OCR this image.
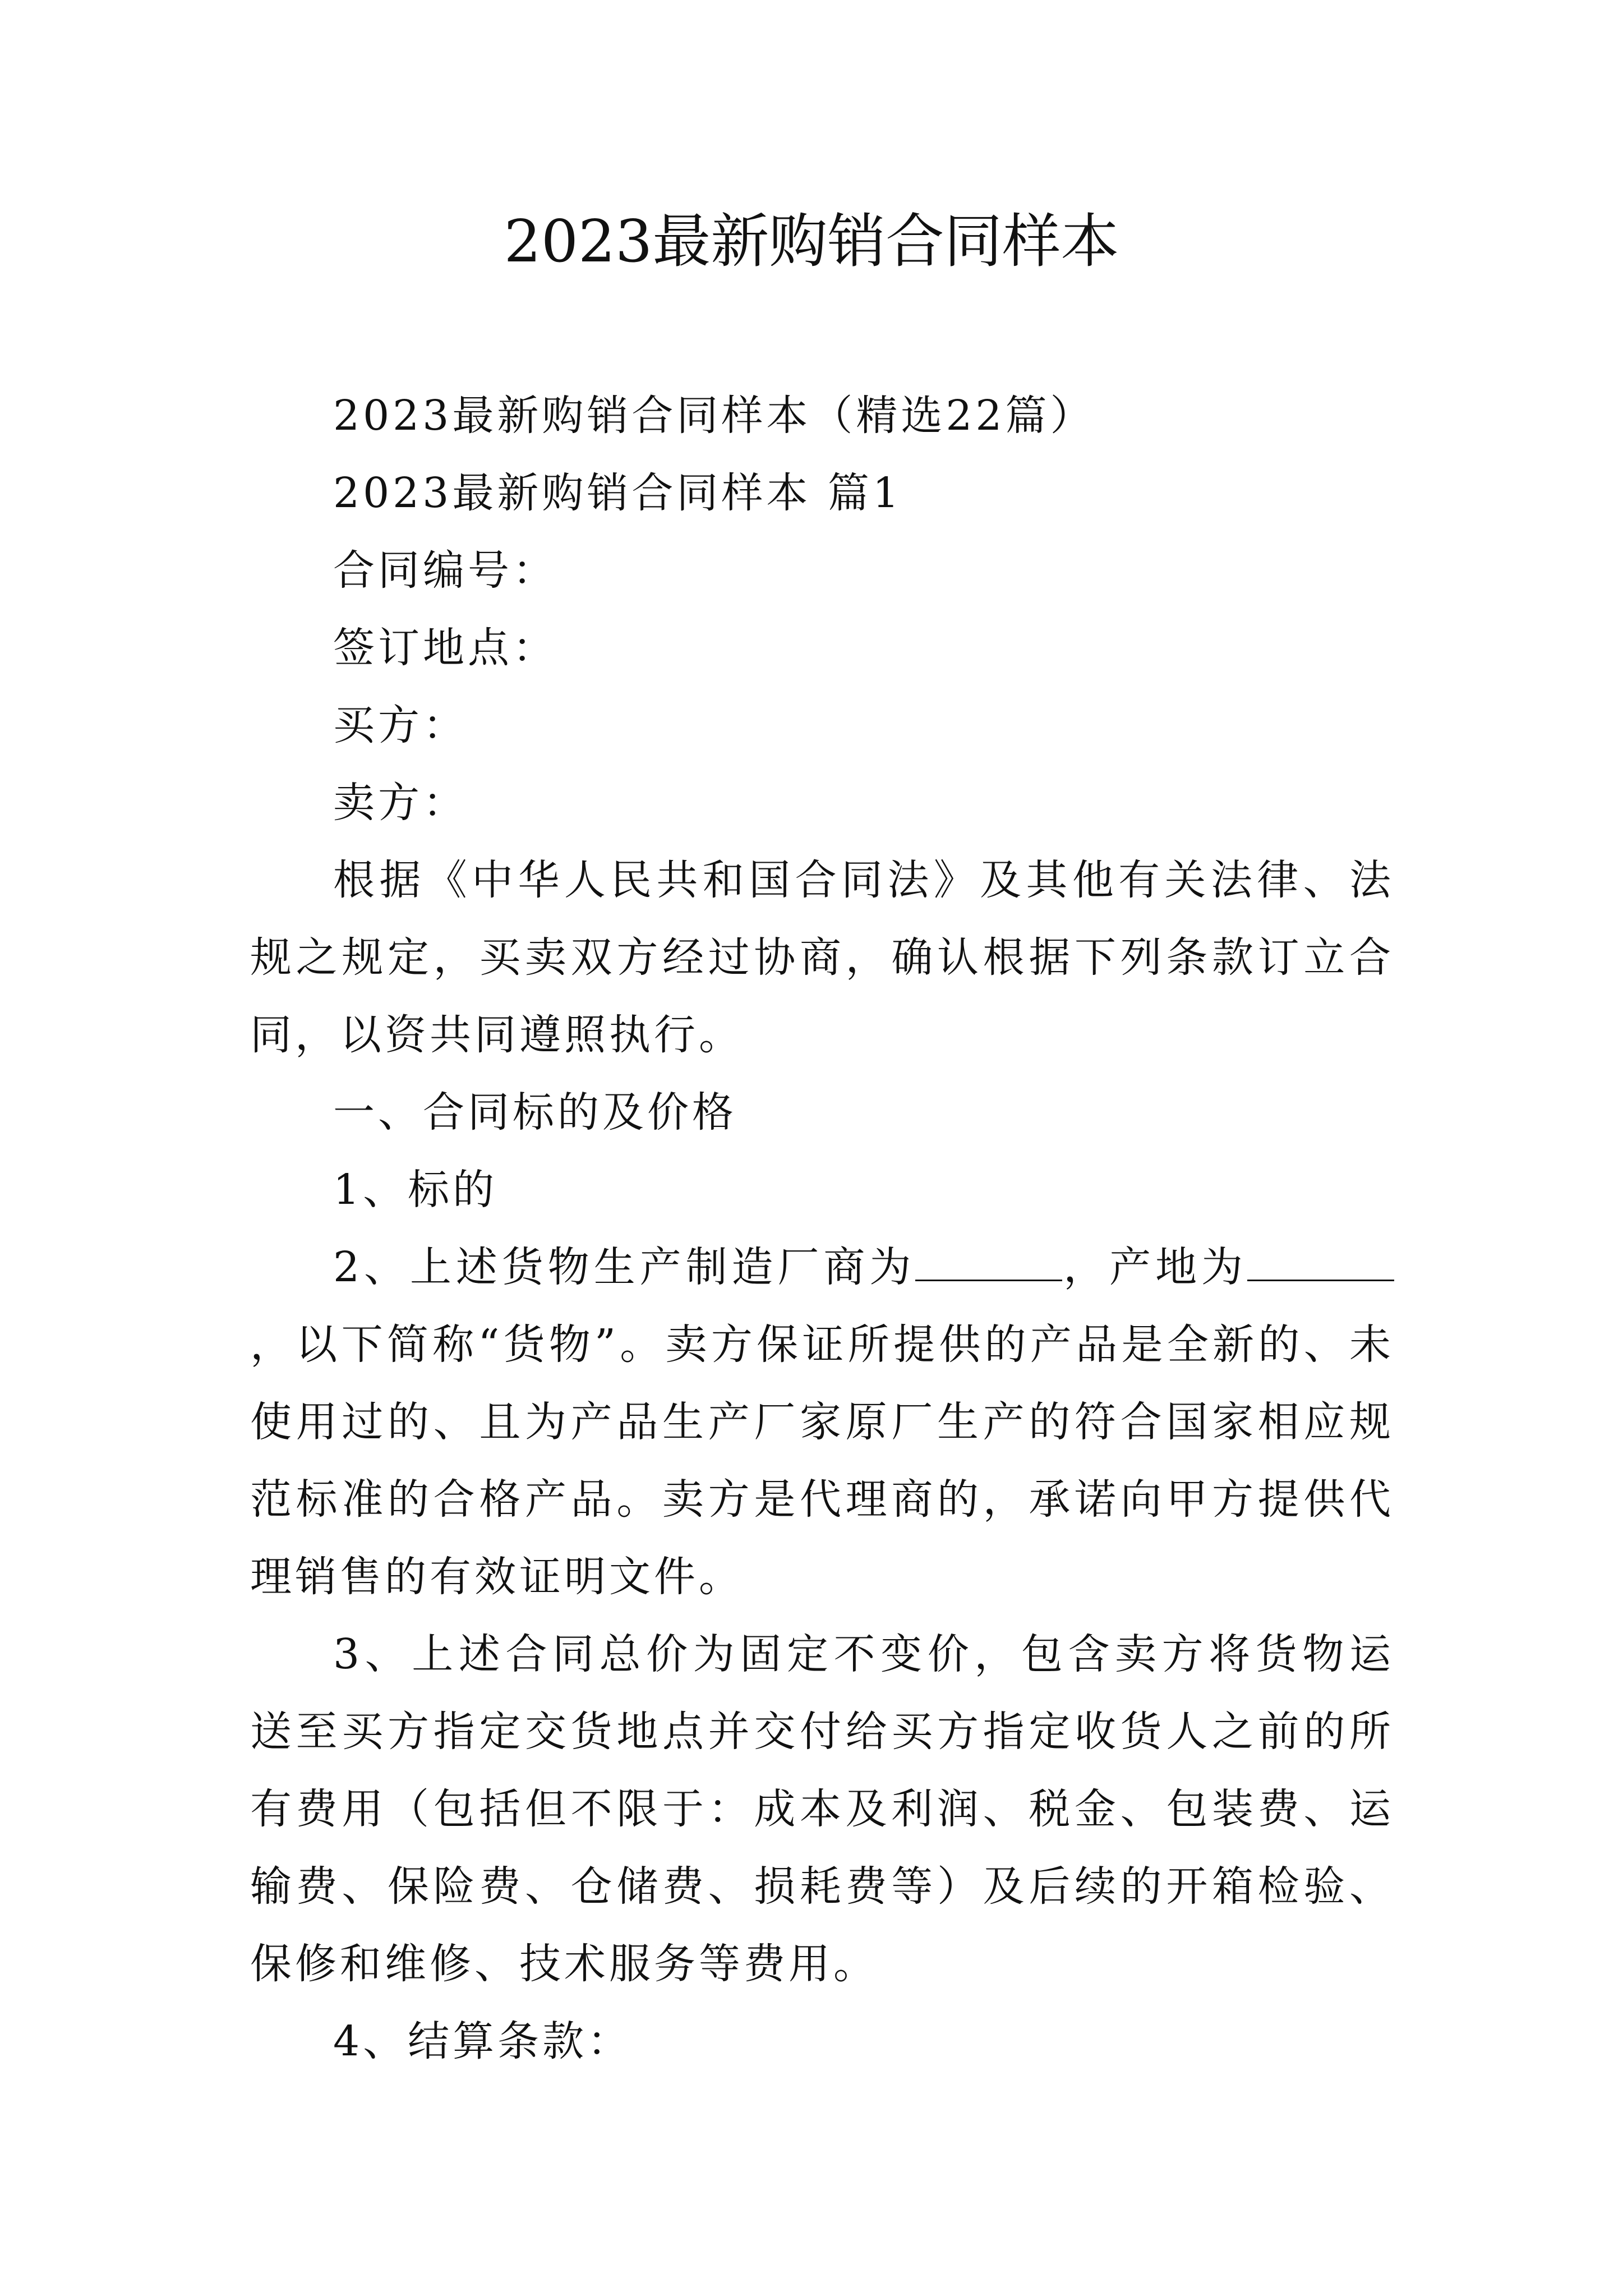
2023最新购销合同样本

2023最新购销合同样本（精选22篇）

2023最新购销合同样本 篇1

合同编号：

签订地点：

买方：

卖方：

根据《中华人民共和国合同法》及其他有关法律、法规之规定，买卖双方经过协商，确认根据下列条款订立合同，以资共同遵照执行。

一、合同标的及价格

1、标的

2、上述货物生产制造厂商为	，产地为，以下简称“货物”。卖方保证所提供的产品是全新的、未使用过的、且为产品生产厂家原厂生产的符合国家相应规范标准的合格产品。卖方是代理商的，承诺向甲方提供代理销售的有效证明文件。

3、上述合同总价为固定不变价，包含卖方将货物运送至买方指定交货地点并交付给买方指定收货人之前的所有费用（包括但不限于：成本及利润、税金、包装费、运输费、保险费、仓储费、损耗费等）及后续的开箱检验、保修和维修、技术服务等费用。

4、结算条款：
